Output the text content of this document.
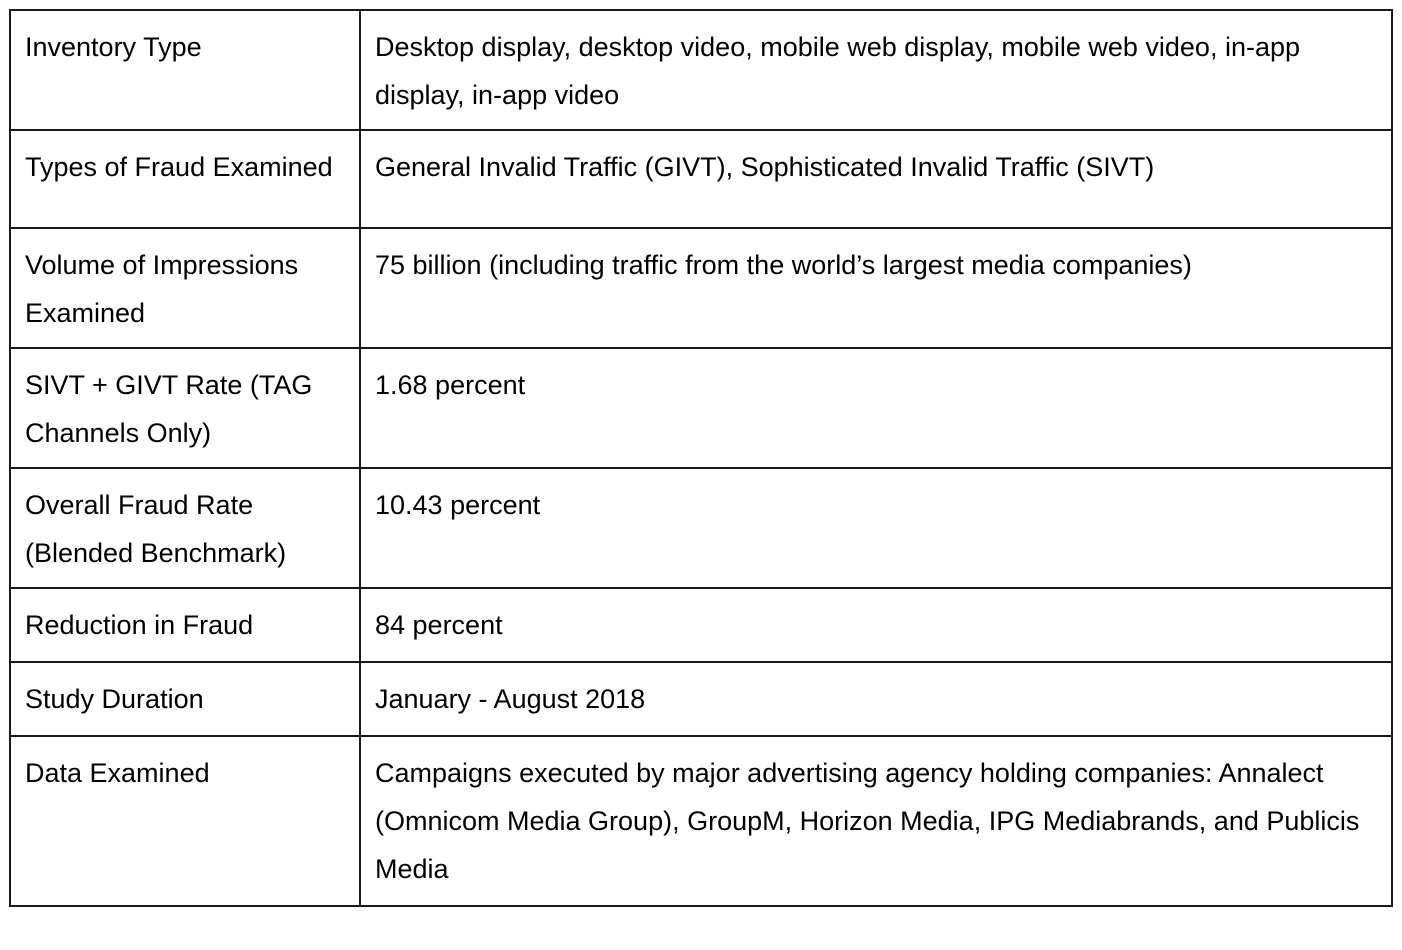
Inventory Type	Desktop display, desktop video, mobile web display, mobile web video, in-app display, in-app video
Types of Fraud Examined	General Invalid Traffic (GIVT), Sophisticated Invalid Traffic (SIVT)
Volume of Impressions Examined	75 billion (including traffic from the world’s largest media companies)
SIVT + GIVT Rate (TAG Channels Only)	1.68 percent
Overall Fraud Rate (Blended Benchmark)	10.43 percent
Reduction in Fraud	84 percent
Study Duration	January - August 2018
Data Examined	Campaigns executed by major advertising agency holding companies: Annalect (Omnicom Media Group), GroupM, Horizon Media, IPG Mediabrands, and Publicis Media
